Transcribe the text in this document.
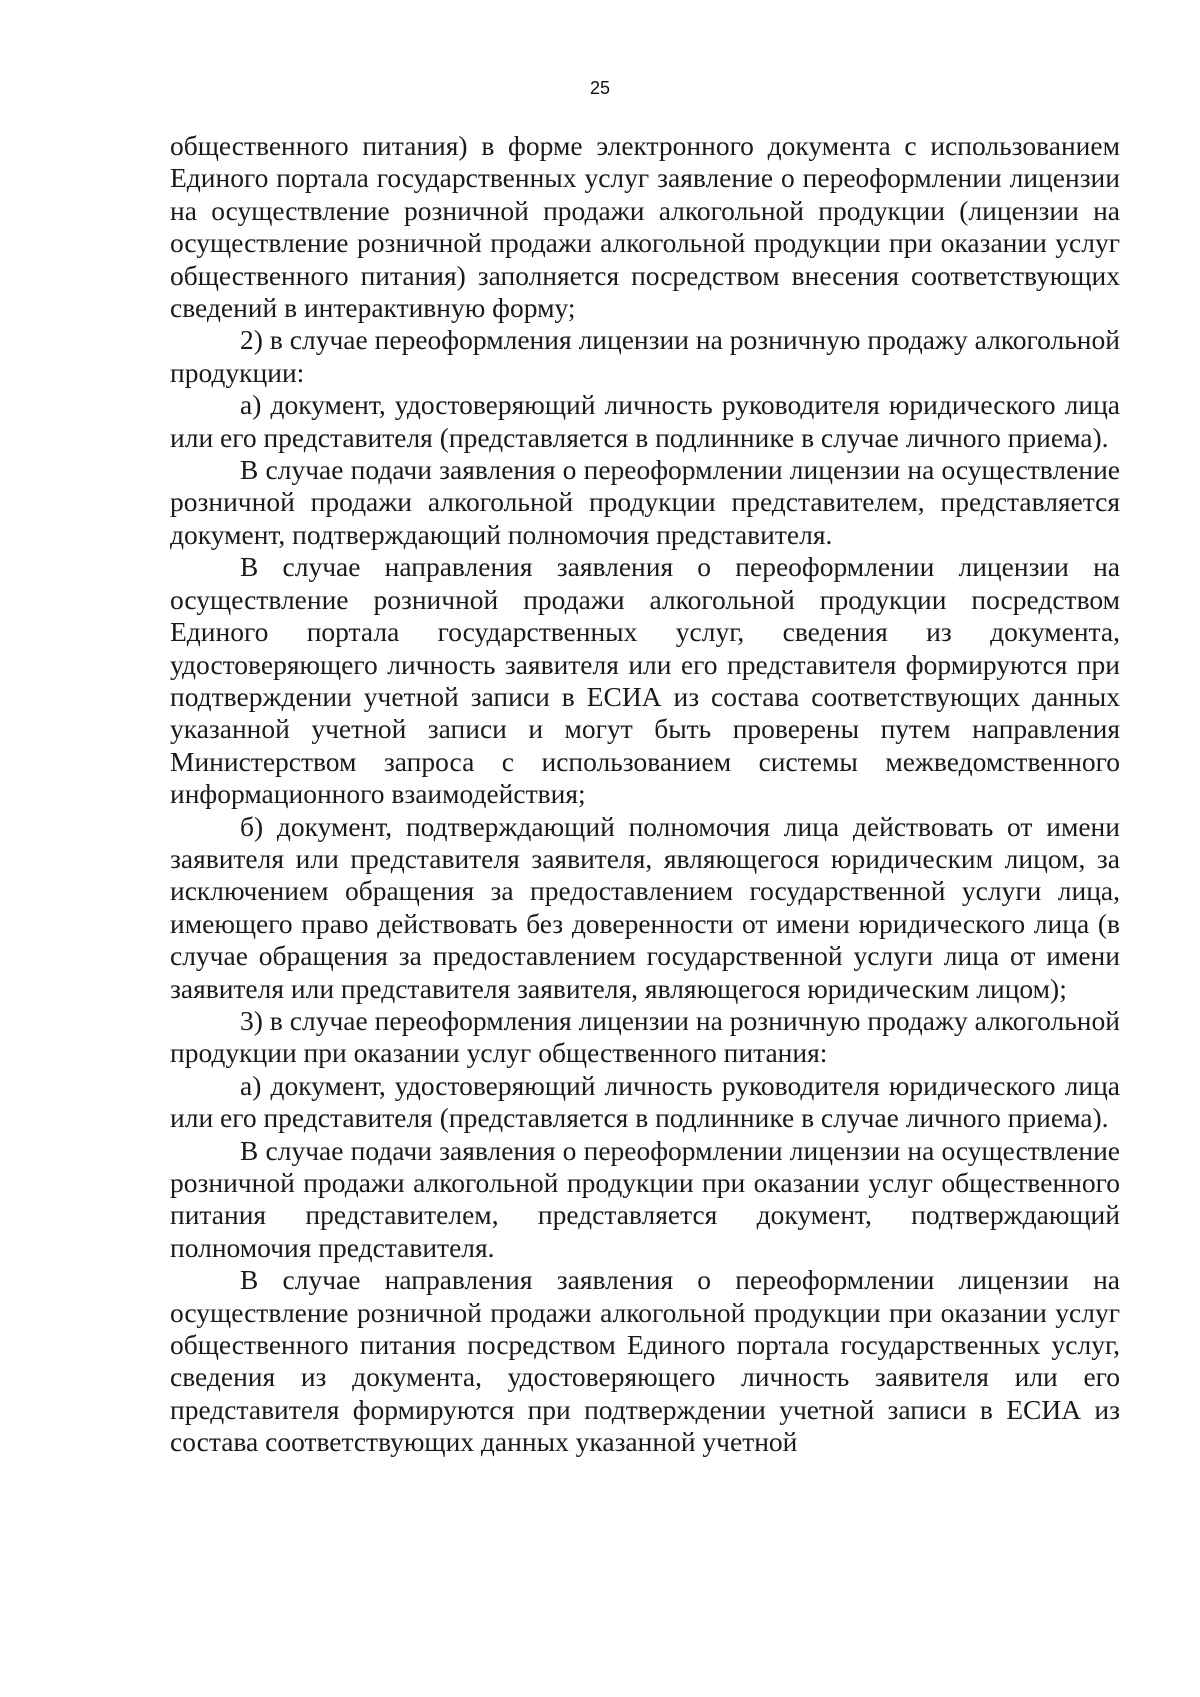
25

общественного питания) в форме электронного документа с использованием Единого портала государственных услуг заявление о переоформлении лицензии на осуществление розничной продажи алкогольной продукции (лицензии на осуществление розничной продажи алкогольной продукции при оказании услуг общественного питания) заполняется посредством внесения соответствующих сведений в интерактивную форму;

2) в случае переоформления лицензии на розничную продажу алкогольной продукции:

а) документ, удостоверяющий личность руководителя юридического лица или его представителя (представляется в подлиннике в случае личного приема).

В случае подачи заявления о переоформлении лицензии на осуществление розничной продажи алкогольной продукции представителем, представляется документ, подтверждающий полномочия представителя.

В случае направления заявления о переоформлении лицензии на осуществление розничной продажи алкогольной продукции посредством Единого портала государственных услуг, сведения из документа, удостоверяющего личность заявителя или его представителя формируются при подтверждении учетной записи в ЕСИА из состава соответствующих данных указанной учетной записи и могут быть проверены путем направления Министерством запроса с использованием системы межведомственного информационного взаимодействия;

б) документ, подтверждающий полномочия лица действовать от имени заявителя или представителя заявителя, являющегося юридическим лицом, за исключением обращения за предоставлением государственной услуги лица, имеющего право действовать без доверенности от имени юридического лица (в случае обращения за предоставлением государственной услуги лица от имени заявителя или представителя заявителя, являющегося юридическим лицом);

3) в случае переоформления лицензии на розничную продажу алкогольной продукции при оказании услуг общественного питания:

а) документ, удостоверяющий личность руководителя юридического лица или его представителя (представляется в подлиннике в случае личного приема).

В случае подачи заявления о переоформлении лицензии на осуществление розничной продажи алкогольной продукции при оказании услуг общественного питания представителем, представляется документ, подтверждающий полномочия представителя.

В случае направления заявления о переоформлении лицензии на осуществление розничной продажи алкогольной продукции при оказании услуг общественного питания посредством Единого портала государственных услуг, сведения из документа, удостоверяющего личность заявителя или его представителя формируются при подтверждении учетной записи в ЕСИА из состава соответствующих данных указанной учетной
